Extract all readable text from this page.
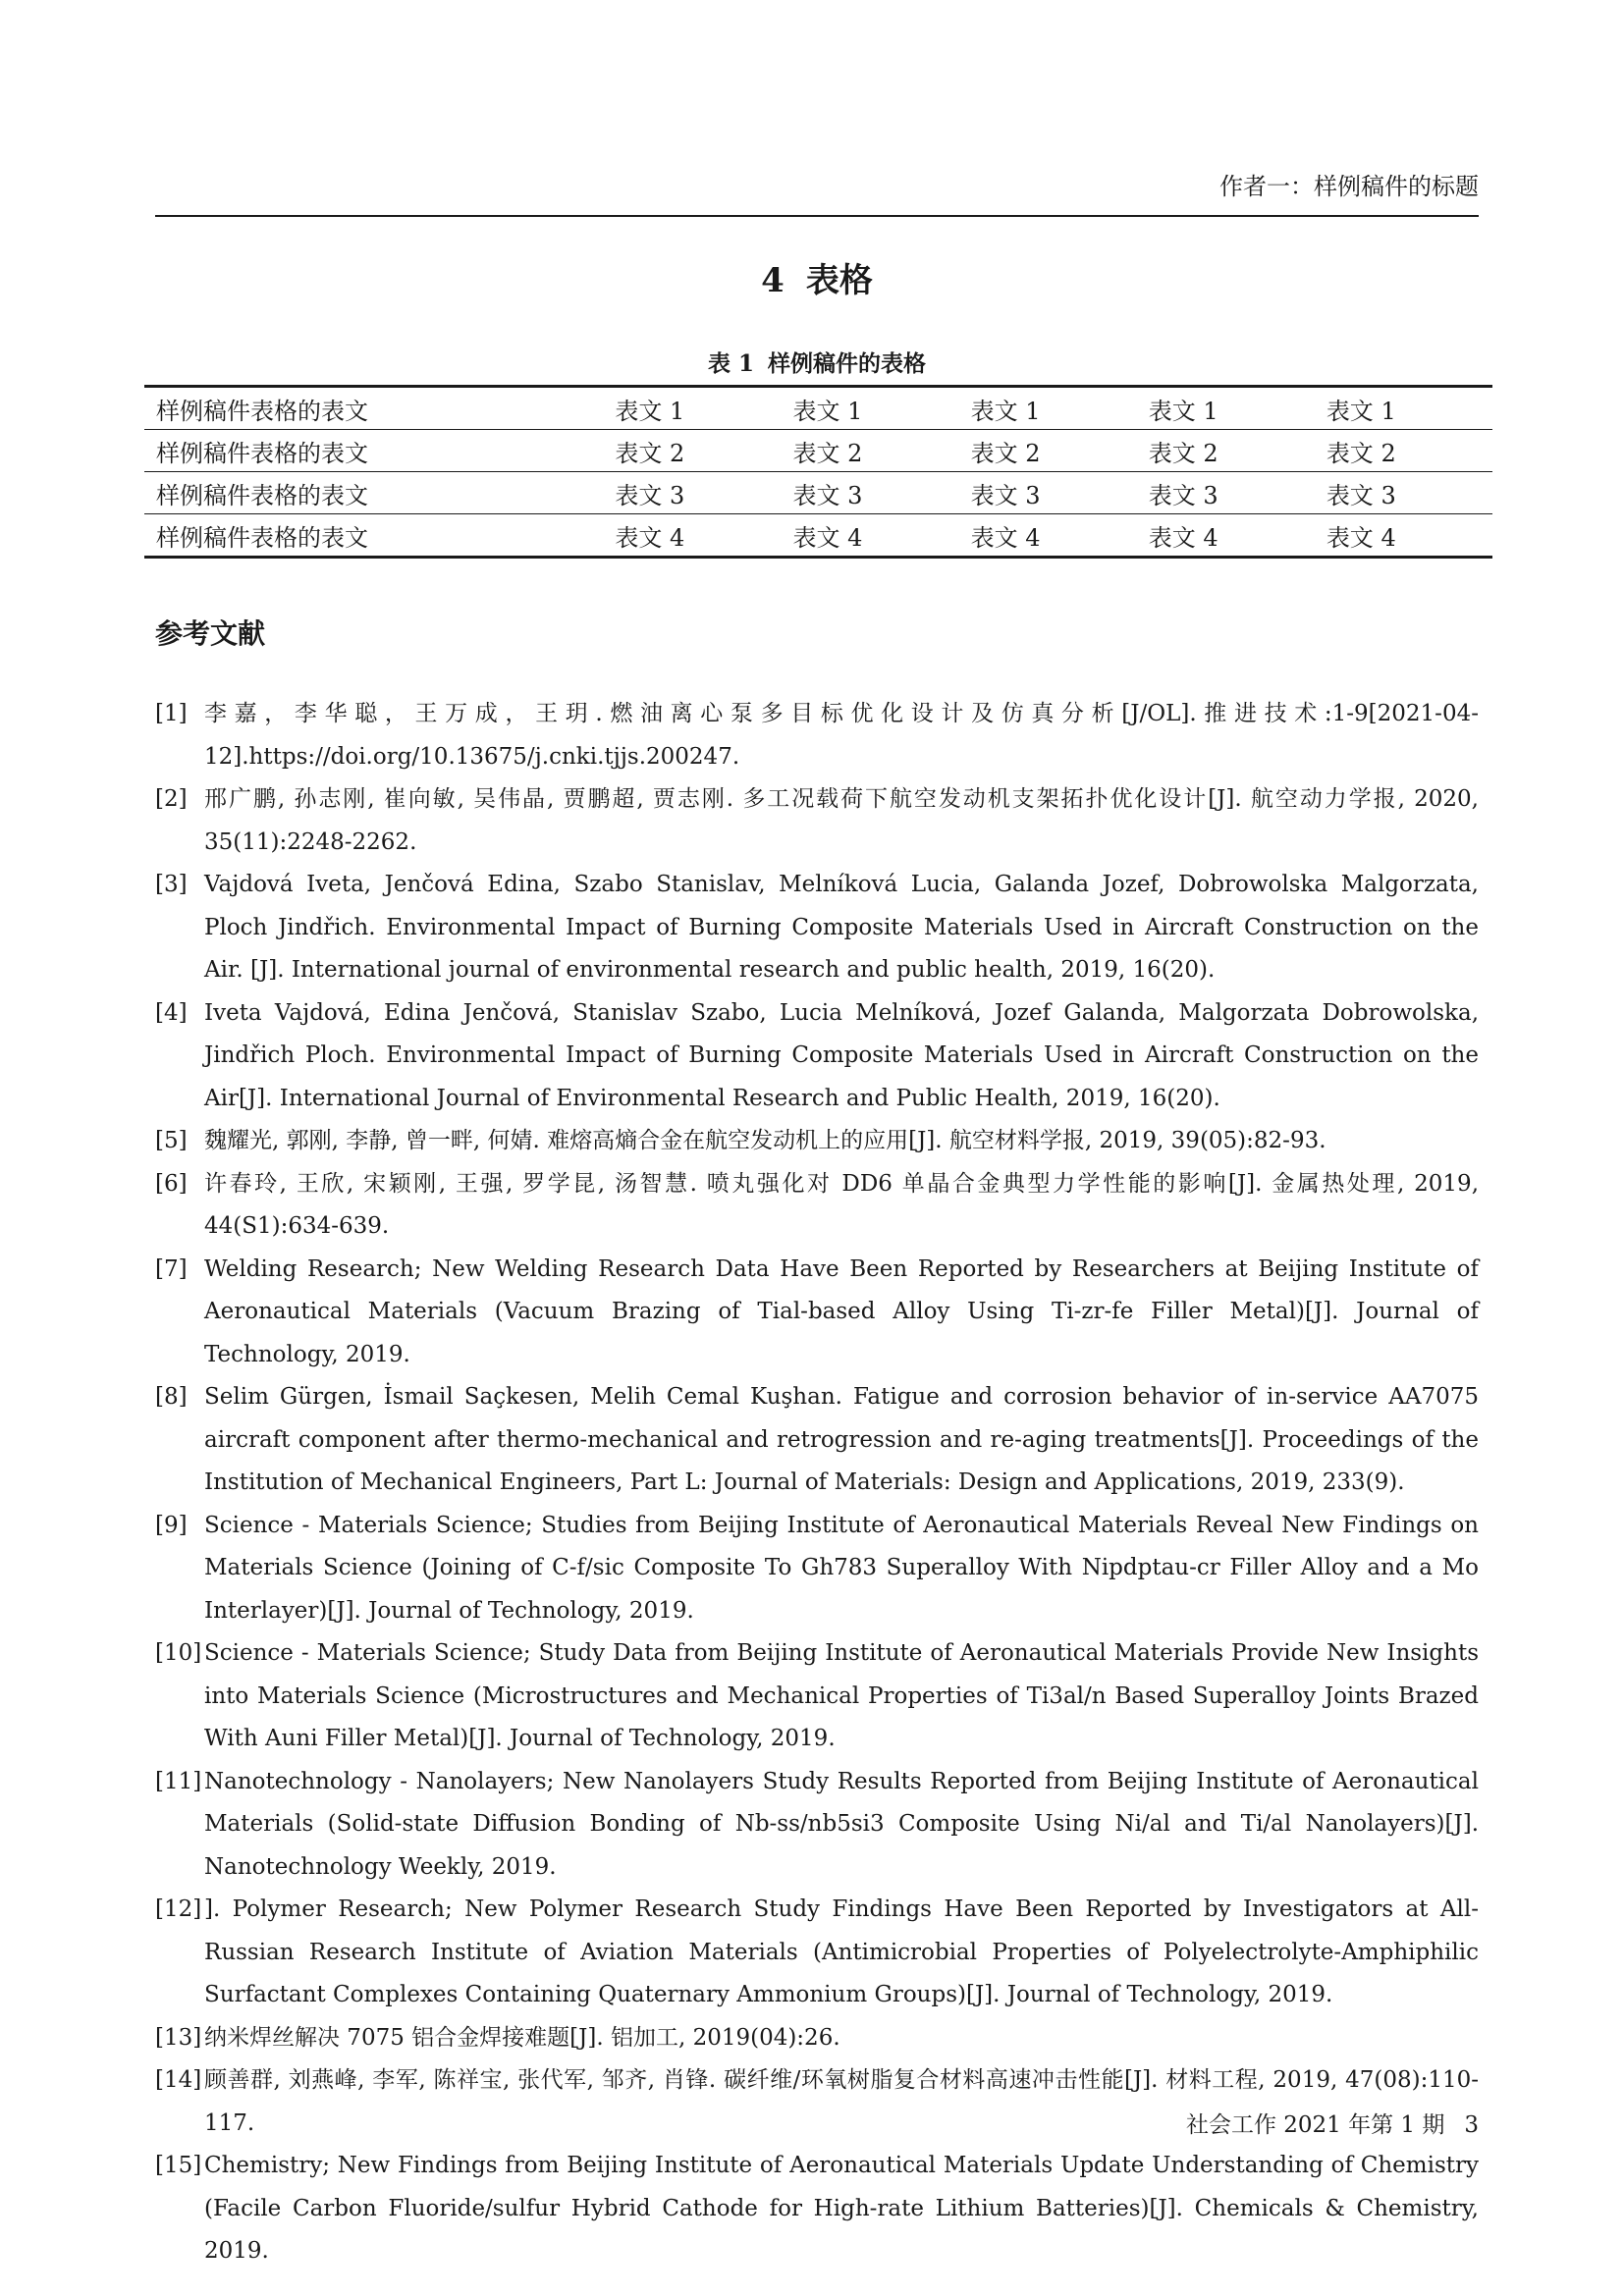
作者一：样例稿件的标题
4 表格
表 1 样例稿件的表格
样例稿件表格的表文	表文 1	表文 1	表文 1	表文 1	表文 1
样例稿件表格的表文	表文 2	表文 2	表文 2	表文 2	表文 2
样例稿件表格的表文	表文 3	表文 3	表文 3	表文 3	表文 3
样例稿件表格的表文	表文 4	表文 4	表文 4	表文 4	表文 4
参考文献
[1] 李嘉，李华聪，王万成，王玥.燃油离心泵多目标优化设计及仿真分析[J/OL].推进技术:1-9[2021-04-12].https://doi.org/10.13675/j.cnki.tjjs.200247.
[2] 邢广鹏, 孙志刚, 崔向敏, 吴伟晶, 贾鹏超, 贾志刚. 多工况载荷下航空发动机支架拓扑优化设计[J]. 航空动力学报, 2020, 35(11):2248-2262.
[3] Vajdová Iveta, Jenčová Edina, Szabo Stanislav, Melníková Lucia, Galanda Jozef, Dobrowolska Malgorzata, Ploch Jindřich. Environmental Impact of Burning Composite Materials Used in Aircraft Construction on the Air. [J]. International journal of environmental research and public health, 2019, 16(20).
[4] Iveta Vajdová, Edina Jenčová, Stanislav Szabo, Lucia Melníková, Jozef Galanda, Malgorzata Dobrowolska, Jindřich Ploch. Environmental Impact of Burning Composite Materials Used in Aircraft Construction on the Air[J]. International Journal of Environmental Research and Public Health, 2019, 16(20).
[5] 魏耀光, 郭刚, 李静, 曾一畔, 何婧. 难熔高熵合金在航空发动机上的应用[J]. 航空材料学报, 2019, 39(05):82-93.
[6] 许春玲, 王欣, 宋颖刚, 王强, 罗学昆, 汤智慧. 喷丸强化对 DD6 单晶合金典型力学性能的影响[J]. 金属热处理, 2019, 44(S1):634-639.
[7] Welding Research; New Welding Research Data Have Been Reported by Researchers at Beijing Institute of Aeronautical Materials (Vacuum Brazing of Tial-based Alloy Using Ti-zr-fe Filler Metal)[J]. Journal of Technology, 2019.
[8] Selim Gürgen, İsmail Saçkesen, Melih Cemal Kuşhan. Fatigue and corrosion behavior of in-service AA7075 aircraft component after thermo-mechanical and retrogression and re-aging treatments[J]. Proceedings of the Institution of Mechanical Engineers, Part L: Journal of Materials: Design and Applications, 2019, 233(9).
[9] Science - Materials Science; Studies from Beijing Institute of Aeronautical Materials Reveal New Findings on Materials Science (Joining of C-f/sic Composite To Gh783 Superalloy With Nipdptau-cr Filler Alloy and a Mo Interlayer)[J]. Journal of Technology, 2019.
[10] Science - Materials Science; Study Data from Beijing Institute of Aeronautical Materials Provide New Insights into Materials Science (Microstructures and Mechanical Properties of Ti3al/n Based Superalloy Joints Brazed With Auni Filler Metal)[J]. Journal of Technology, 2019.
[11] Nanotechnology - Nanolayers; New Nanolayers Study Results Reported from Beijing Institute of Aeronautical Materials (Solid-state Diffusion Bonding of Nb-ss/nb5si3 Composite Using Ni/al and Ti/al Nanolayers)[J]. Nanotechnology Weekly, 2019.
[12] ]. Polymer Research; New Polymer Research Study Findings Have Been Reported by Investigators at All-Russian Research Institute of Aviation Materials (Antimicrobial Properties of Polyelectrolyte-Amphiphilic Surfactant Complexes Containing Quaternary Ammonium Groups)[J]. Journal of Technology, 2019.
[13] 纳米焊丝解决 7075 铝合金焊接难题[J]. 铝加工, 2019(04):26.
[14] 顾善群, 刘燕峰, 李军, 陈祥宝, 张代军, 邹齐, 肖锋. 碳纤维/环氧树脂复合材料高速冲击性能[J]. 材料工程, 2019, 47(08):110-117.
[15] Chemistry; New Findings from Beijing Institute of Aeronautical Materials Update Understanding of Chemistry (Facile Carbon Fluoride/sulfur Hybrid Cathode for High-rate Lithium Batteries)[J]. Chemicals & Chemistry, 2019.
社会工作 2021 年第 1 期 3
